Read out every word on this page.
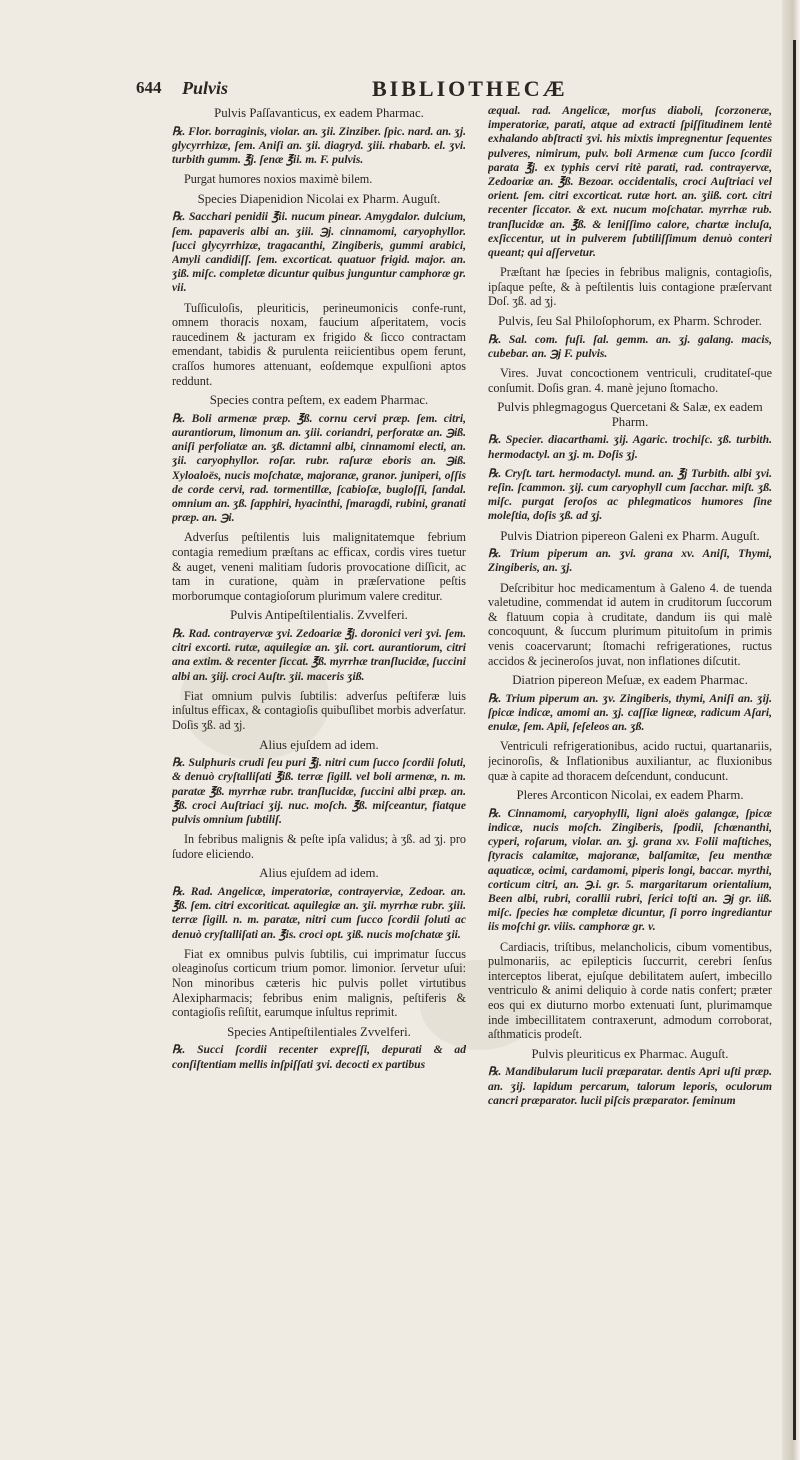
644 Pulvis	BIBLIOTHECÆ

Pulvis Paſſavanticus, ex eadem Pharmac.

℞. Flor. borraginis, violar. an. ʒii. Zinziber. ſpic. nard. an. ʒj. glycyrrhizæ, ſem. Aniſi an. ʒii. diagryd. ʒiii. rhabarb. el. ʒvi. turbith gumm. ℥j. ſenæ ℥ii. m. F. pulvis.

Purgat humores noxios maximè bilem.

Species Diapenidion Nicolai ex Pharm. Auguſt.

℞. Sacchari penidii ℥ii. nucum pinear. Amygdalor. dulcium, ſem. papaveris albi an. ʒiii. ℈j. cinnamomi, caryophyllor. ſucci glycyrrhizæ, tragacanthi, Zingiberis, gummi arabici, Amyli candidiſſ. ſem. excorticat. quatuor frigid. major. an. ʒiß. miſc. completæ dicuntur quibus junguntur camphoræ gr. vii.

Tuſſiculoſis, pleuriticis, perineumonicis confe-runt, omnem thoracis noxam, faucium aſperitatem, vocis raucedinem & jacturam ex frigido & ſicco contractam emendant, tabidis & purulenta reiicientibus opem ferunt, craſſos humores attenuant, eoſdemque expulſioni aptos reddunt.

Species contra peſtem, ex eadem Pharmac.

℞. Boli armenæ præp. ℥ß. cornu cervi præp. ſem. citri, aurantiorum, limonum an. ʒiii. coriandri, perforatæ an. ℈iß. aniſi perfoliatæ an. ʒß. dictamni albi, cinnamomi electi, an. ʒii. caryophyllor. roſar. rubr. raſuræ eboris an. ℈iß. Xyloaloës, nucis moſchatæ, majoranæ, granor. juniperi, oſſis de corde cervi, rad. tormentillæ, ſcabioſæ, bugloſſi, ſandal. omnium an. ʒß. ſapphiri, hyacinthi, ſmaragdi, rubini, granati præp. an. ℈i.

Adverſus peſtilentis luis malignitatemque febrium contagia remedium præſtans ac efficax, cordis vires tuetur & auget, veneni malitiam ſudoris provocatione diſſicit, ac tam in curatione, quàm in præſervatione peſtis morborumque contagioſorum plurimum valere creditur.

Pulvis Antipeſtilentialis. Zvvelferi.

℞. Rad. contrayervæ ʒvi. Zedoariæ ℥j. doronici veri ʒvi. ſem. citri excorti. rutæ, aquilegiæ an. ʒii. cort. aurantiorum, citri ana extim. & recenter ſiccat. ℥ß. myrrhæ tranſlucidæ, ſuccini albi an. ʒiij. croci Auſtr. ʒii. maceris ʒiß.

Fiat omnium pulvis ſubtilis: adverſus peſtiferæ luis inſultus efficax, & contagioſis quibuſlibet morbis adverſatur. Doſis ʒß. ad ʒj.

Alius ejuſdem ad idem.

℞. Sulphuris crudi ſeu puri ℥j. nitri cum ſucco ſcordii ſoluti, & denuò cryſtalliſati ℥iß. terræ ſigill. vel boli armenæ, n. m. paratæ ℥ß. myrrhæ rubr. tranſlucidæ, ſuccini albi præp. an. ℥ß. croci Auſtriaci ʒij. nuc. moſch. ℥ß. miſceantur, fiatque pulvis omnium ſubtiliſ.

In febribus malignis & peſte ipſa validus; à ʒß. ad ʒj. pro ſudore eliciendo.

Alius ejuſdem ad idem.

℞. Rad. Angelicæ, imperatoriæ, contrayerviæ, Zedoar. an. ℥ß. ſem. citri excoriticat. aquilegiæ an. ʒii. myrrhæ rubr. ʒiii. terræ ſigill. n. m. paratæ, nitri cum ſucco ſcordii ſoluti ac denuò cryſtalliſati an. ℥is. croci opt. ʒiß. nucis moſchatæ ʒii.

Fiat ex omnibus pulvis ſubtilis, cui imprimatur ſuccus oleaginoſus corticum trium pomor. limonior. ſervetur uſui: Non minoribus cæteris hic pulvis pollet virtutibus Alexipharmacis; febribus enim malignis, peſtiferis & contagioſis reſiſtit, earumque inſultus reprimit.

Species Antipeſtilentiales Zvvelferi.

℞. Succi ſcordii recenter expreſſi, depurati & ad conſiſtentiam mellis inſpiſſati ʒvi. decocti ex partibus

æqual. rad. Angelicæ, morſus diaboli, ſcorzoneræ, imperatoriæ, parati, atque ad extracti ſpiſſitudinem lentè exhalando abſtracti ʒvi. his mixtis impregnentur ſequentes pulveres, nimirum, pulv. boli Armenæ cum ſucco ſcordii parata ℥j. ex typhis cervi ritè parati, rad. contrayervæ, Zedoariæ an. ℥ß. Bezoar. occidentalis, croci Auſtriaci vel orient. ſem. citri excorticat. rutæ hort. an. ʒiiß. cort. citri recenter ſiccator. & ext. nucum moſchatar. myrrhæ rub. tranſlucidæ an. ℥ß. & leniſſimo calore, chartæ incluſa, exſiccentur, ut in pulverem ſubtiliſſimum denuò conteri queant; qui aſſervetur.

Præſtant hæ ſpecies in febribus malignis, contagioſis, ipſaque peſte, & à peſtilentis luis contagione præſervant Doſ. ʒß. ad ʒj.

Pulvis, ſeu Sal Philoſophorum, ex Pharm. Schroder.

℞. Sal. com. fuſi. ſal. gemm. an. ʒj. galang. macis, cubebar. an. ℈j F. pulvis.

Vires. Juvat concoctionem ventriculi, cruditateſ-que conſumit. Doſis gran. 4. manè jejuno ſtomacho.

Pulvis phlegmagogus Quercetani & Salæ, ex eadem Pharm.

℞. Specier. diacarthami. ʒij. Agaric. trochiſc. ʒß. turbith. hermodactyl. an ʒj. m. Doſis ʒj.

℞. Cryſt. tart. hermodactyl. mund. an. ℥j Turbith. albi ʒvi. reſin. ſcammon. ʒij. cum caryophyll cum ſacchar. miſt. ʒß. miſc. purgat ſeroſos ac phlegmaticos humores ſine moleſtia, doſis ʒß. ad ʒj.

Pulvis Diatrion pipereon Galeni ex Pharm. Auguſt.

℞. Trium piperum an. ʒvi. grana xv. Aniſi, Thymi, Zingiberis, an. ʒj.

Deſcribitur hoc medicamentum à Galeno 4. de tuenda valetudine, commendat id autem in cruditorum ſuccorum & flatuum copia à cruditate, dandum iis qui malè concoquunt, & ſuccum plurimum pituitoſum in primis venis coacervarunt; ſtomachi refrigerationes, ructus accidos & jecineroſos juvat, non inflationes diſcutit.

Diatrion pipereon Meſuæ, ex eadem Pharmac.

℞. Trium piperum an. ʒv. Zingiberis, thymi, Aniſi an. ʒij. ſpicæ indicæ, amomi an. ʒj. caſſiæ ligneæ, radicum Aſari, enulæ, ſem. Apii, ſeſeleos an. ʒß.

Ventriculi refrigerationibus, acido ructui, quartanariis, jecinoroſis, & Inflationibus auxiliantur, ac fluxionibus quæ à capite ad thoracem deſcendunt, conducunt.

Pleres Arconticon Nicolai, ex eadem Pharm.

℞. Cinnamomi, caryophylli, ligni aloës galangæ, ſpicæ indicæ, nucis moſch. Zingiberis, ſpodii, ſchœnanthi, cyperi, roſarum, violar. an. ʒj. grana xv. Folii maſtiches, ſtyracis calamitæ, majoranæ, balſamitæ, ſeu menthæ aquaticæ, ocimi, cardamomi, piperis longi, baccar. myrthi, corticum citri, an. ℈.i. gr. 5. margaritarum orientalium, Been albi, rubri, corallii rubri, ſerici toſti an. ℈j gr. iiß. miſc. ſpecies hæ completæ dicuntur, ſi porro ingrediantur iis moſchi gr. viiis. camphoræ gr. v.

Cardiacis, triſtibus, melancholicis, cibum vomentibus, pulmonariis, ac epilepticis ſuccurrit, cerebri ſenſus interceptos liberat, ejuſque debilitatem auſert, imbecillo ventriculo & animi deliquio à corde natis confert; præter eos qui ex diuturno morbo extenuati ſunt, plurimamque inde imbecillitatem contraxerunt, admodum corroborat, aſthmaticis prodeſt.

Pulvis pleuriticus ex Pharmac. Auguſt.

℞. Mandibularum lucii præparatar. dentis Apri uſti præp. an. ʒij. lapidum percarum, talorum leporis, oculorum cancri præparator. lucii piſcis præparator. ſeminum
